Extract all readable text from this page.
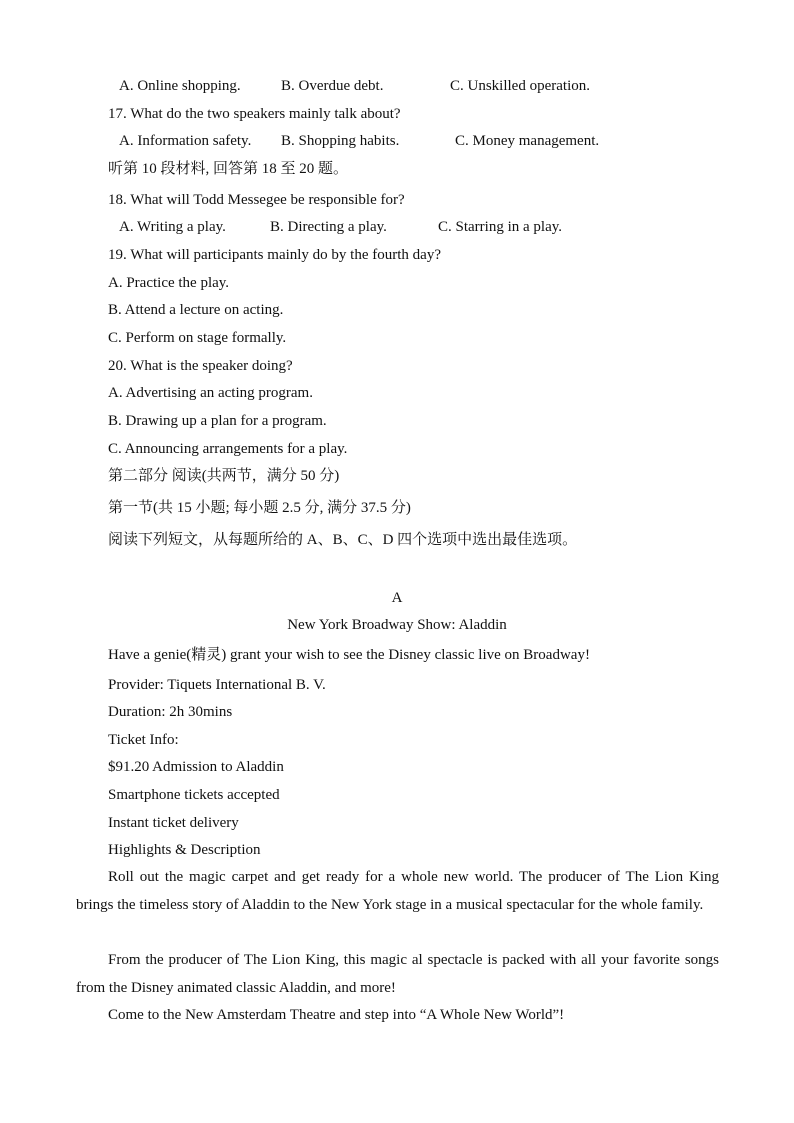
A. Online shopping.	B. Overdue debt.	C. Unskilled operation.
17. What do the two speakers mainly talk about?
A. Information safety. B. Shopping habits.	C. Money management.
听第 10 段材料, 回答第 18 至 20 题。
18. What will Todd Messegee be responsible for?
A. Writing a play.	B. Directing a play.	C. Starring in a play.
19. What will participants mainly do by the fourth day?
A. Practice the play.
B. Attend a lecture on acting.
C. Perform on stage formally.
20. What is the speaker doing?
A. Advertising an acting program.
B. Drawing up a plan for a program.
C. Announcing arrangements for a play.
第二部分 阅读(共两节，满分 50 分)
第一节(共 15 小题; 每小题 2.5 分, 满分 37.5 分)
阅读下列短文，从每题所给的 A、B、C、D 四个选项中选出最佳选项。
A
New York Broadway Show: Aladdin
Have a genie(精灵) grant your wish to see the Disney classic live on Broadway!
Provider: Tiquets International B. V.
Duration: 2h 30mins
Ticket Info:
$91.20 Admission to Aladdin
Smartphone tickets accepted
Instant ticket delivery
Highlights & Description
Roll out the magic carpet and get ready for a whole new world. The producer of The Lion King brings the timeless story of Aladdin to the New York stage in a musical spectacular for the whole family.
From the producer of The Lion King, this magic al spectacle is packed with all your favorite songs from the Disney animated classic Aladdin, and more!
Come to the New Amsterdam Theatre and step into “A Whole New World”!
